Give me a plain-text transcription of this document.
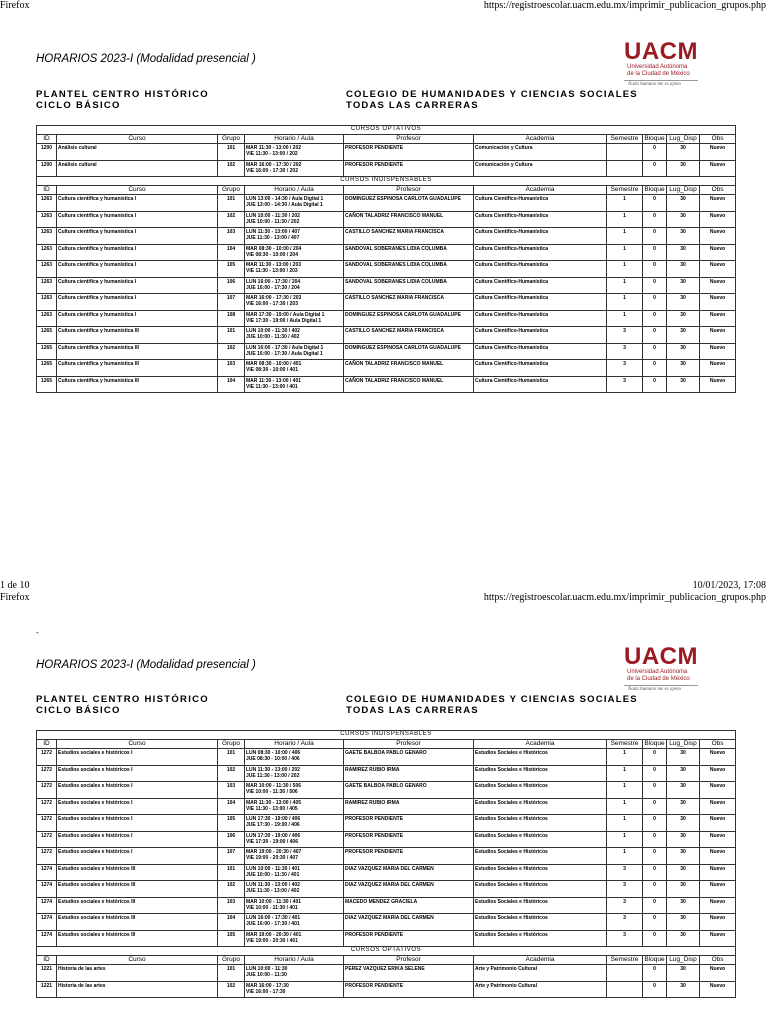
Firefox	https://registroescolar.uacm.edu.mx/imprimir_publicacion_grupos.php
HORARIOS 2023-I (Modalidad presencial )	UACM
Universidad Autónoma
de la Ciudad de México
Nada humano me es ajeno
PLANTEL CENTRO HISTÓRICO
CICLO BÁSICO
COLEGIO DE HUMANIDADES Y CIENCIAS SOCIALES
TODAS LAS CARRERAS
CURSOS OPTATIVOS									
ID	Curso	Grupo	Horario / Aula	Profesor	Academia	Semestre	Bloque	Lug_Disp	Obs
1200	Análisis cultural	101	MAR 11:30 - 13:00 / 202
VIE 11:30 - 13:00 / 202	PROFESOR PENDIENTE	Comunicación y Cultura		0	30	Nuevo
1200	Análisis cultural	102	MAR 16:00 - 17:30 / 202
VIE 16:00 - 17:30 / 202	PROFESOR PENDIENTE	Comunicación y Cultura		0	30	Nuevo
CURSOS INDISPENSABLES									
ID	Curso	Grupo	Horario / Aula	Profesor	Academia	Semestre	Bloque	Lug_Disp	Obs
1263	Cultura científica y humanística I	101	LUN 13:00 - 14:30 / Aula Digital 1
JUE 13:00 - 14:30 / Aula Digital 1	DOMINGUEZ ESPINOSA CARLOTA GUADALUPE	Cultura Científico-Humanística	1	0	30	Nuevo
1263	Cultura científica y humanística I	102	LUN 10:00 - 11:30 / 202
JUE 10:00 - 11:30 / 202	CAÑON TALADRIZ FRANCISCO MANUEL	Cultura Científico-Humanística	1	0	30	Nuevo
1263	Cultura científica y humanística I	103	LUN 11:30 - 13:00 / 407
JUE 11:30 - 13:00 / 407	CASTILLO SANCHEZ MARIA FRANCISCA	Cultura Científico-Humanística	1	0	30	Nuevo
1263	Cultura científica y humanística I	104	MAR 08:30 - 10:00 / 204
VIE 08:30 - 10:00 / 204	SANDOVAL SOBERANES LIDIA COLUMBA	Cultura Científico-Humanística	1	0	30	Nuevo
1263	Cultura científica y humanística I	105	MAR 11:30 - 13:00 / 203
VIE 11:30 - 13:00 / 203	SANDOVAL SOBERANES LIDIA COLUMBA	Cultura Científico-Humanística	1	0	30	Nuevo
1263	Cultura científica y humanística I	106	LUN 16:00 - 17:30 / 204
JUE 16:00 - 17:30 / 204	SANDOVAL SOBERANES LIDIA COLUMBA	Cultura Científico-Humanística	1	0	30	Nuevo
1263	Cultura científica y humanística I	107	MAR 16:00 - 17:30 / 203
VIE 16:00 - 17:30 / 203	CASTILLO SANCHEZ MARIA FRANCISCA	Cultura Científico-Humanística	1	0	30	Nuevo
1263	Cultura científica y humanística I	108	MAR 17:30 - 19:00 / Aula Digital 1
VIE 17:30 - 19:00 / Aula Digital 1	DOMINGUEZ ESPINOSA CARLOTA GUADALUPE	Cultura Científico-Humanística	1	0	30	Nuevo
1265	Cultura científica y humanística III	101	LUN 10:00 - 11:30 / 402
JUE 10:00 - 11:30 / 402	CASTILLO SANCHEZ MARIA FRANCISCA	Cultura Científico-Humanística	3	0	30	Nuevo
1265	Cultura científica y humanística III	102	LUN 16:00 - 17:30 / Aula Digital 1
JUE 16:00 - 17:30 / Aula Digital 1	DOMINGUEZ ESPINOSA CARLOTA GUADALUPE	Cultura Científico-Humanística	3	0	30	Nuevo
1265	Cultura científica y humanística III	103	MAR 08:30 - 10:00 / 401
VIE 08:30 - 10:00 / 401	CAÑON TALADRIZ FRANCISCO MANUEL	Cultura Científico-Humanística	3	0	30	Nuevo
1265	Cultura científica y humanística III	104	MAR 11:30 - 13:00 / 401
VIE 11:30 - 13:00 / 401	CAÑON TALADRIZ FRANCISCO MANUEL	Cultura Científico-Humanística	3	0	30	Nuevo
1 de 10	10/01/2023, 17:08
Firefox	https://registroescolar.uacm.edu.mx/imprimir_publicacion_grupos.php
-
HORARIOS 2023-I (Modalidad presencial )	UACM
Universidad Autónoma
de la Ciudad de México
Nada humano me es ajeno
PLANTEL CENTRO HISTÓRICO
CICLO BÁSICO
COLEGIO DE HUMANIDADES Y CIENCIAS SOCIALES
TODAS LAS CARRERAS
CURSOS INDISPENSABLES									
ID	Curso	Grupo	Horario / Aula	Profesor	Academia	Semestre	Bloque	Lug_Disp	Obs
1272	Estudios sociales e históricos I	101	LUN 08:30 - 10:00 / 406
JUE 08:30 - 10:00 / 406	GAETE BALBOA PABLO GENARO	Estudios Sociales e Históricos	1	0	30	Nuevo
1272	Estudios sociales e históricos I	102	LUN 11:30 - 13:00 / 202
JUE 11:30 - 13:00 / 202	RAMIREZ RUBIO IRMA	Estudios Sociales e Históricos	1	0	30	Nuevo
1272	Estudios sociales e históricos I	103	MAR 10:00 - 11:30 / 506
VIE 10:00 - 11:30 / 506	GAETE BALBOA PABLO GENARO	Estudios Sociales e Históricos	1	0	30	Nuevo
1272	Estudios sociales e históricos I	104	MAR 11:30 - 13:00 / 405
VIE 11:30 - 13:00 / 405	RAMIREZ RUBIO IRMA	Estudios Sociales e Históricos	1	0	30	Nuevo
1272	Estudios sociales e históricos I	105	LUN 17:30 - 19:00 / 406
JUE 17:30 - 19:00 / 406	PROFESOR PENDIENTE	Estudios Sociales e Históricos	1	0	30	Nuevo
1272	Estudios sociales e históricos I	106	LUN 17:30 - 19:00 / 406
VIE 17:30 - 19:00 / 406	PROFESOR PENDIENTE	Estudios Sociales e Históricos	1	0	30	Nuevo
1272	Estudios sociales e históricos I	107	MAR 19:00 - 20:30 / 407
VIE 19:00 - 20:30 / 407	PROFESOR PENDIENTE	Estudios Sociales e Históricos	1	0	30	Nuevo
1274	Estudios sociales e históricos III	101	LUN 10:00 - 11:30 / 401
JUE 10:00 - 11:30 / 401	DIAZ VAZQUEZ MARIA DEL CARMEN	Estudios Sociales e Históricos	3	0	30	Nuevo
1274	Estudios sociales e históricos III	102	LUN 11:30 - 13:00 / 402
JUE 11:30 - 13:00 / 402	DIAZ VAZQUEZ MARIA DEL CARMEN	Estudios Sociales e Históricos	3	0	30	Nuevo
1274	Estudios sociales e históricos III	103	MAR 10:00 - 11:30 / 401
VIE 10:00 - 11:30 / 401	MACEDO MENDEZ GRACIELA	Estudios Sociales e Históricos	3	0	30	Nuevo
1274	Estudios sociales e históricos III	104	LUN 16:00 - 17:30 / 401
JUE 16:00 - 17:30 / 401	DIAZ VAZQUEZ MARIA DEL CARMEN	Estudios Sociales e Históricos	3	0	30	Nuevo
1274	Estudios sociales e históricos III	105	MAR 19:00 - 20:30 / 401
VIE 19:00 - 20:30 / 401	PROFESOR PENDIENTE	Estudios Sociales e Históricos	3	0	30	Nuevo
CURSOS OPTATIVOS									
ID	Curso	Grupo	Horario / Aula	Profesor	Academia	Semestre	Bloque	Lug_Disp	Obs
1221	Historia de las artes	101	LUN 10:00 - 11:30
JUE 10:00 - 11:30	PEREZ VAZQUEZ ERIKA SELENE	Arte y Patrimonio Cultural		0	30	Nuevo
1221	Historia de las artes	102	MAR 16:00 - 17:30
VIE 16:00 - 17:30	PROFESOR PENDIENTE	Arte y Patrimonio Cultural		0	30	Nuevo
